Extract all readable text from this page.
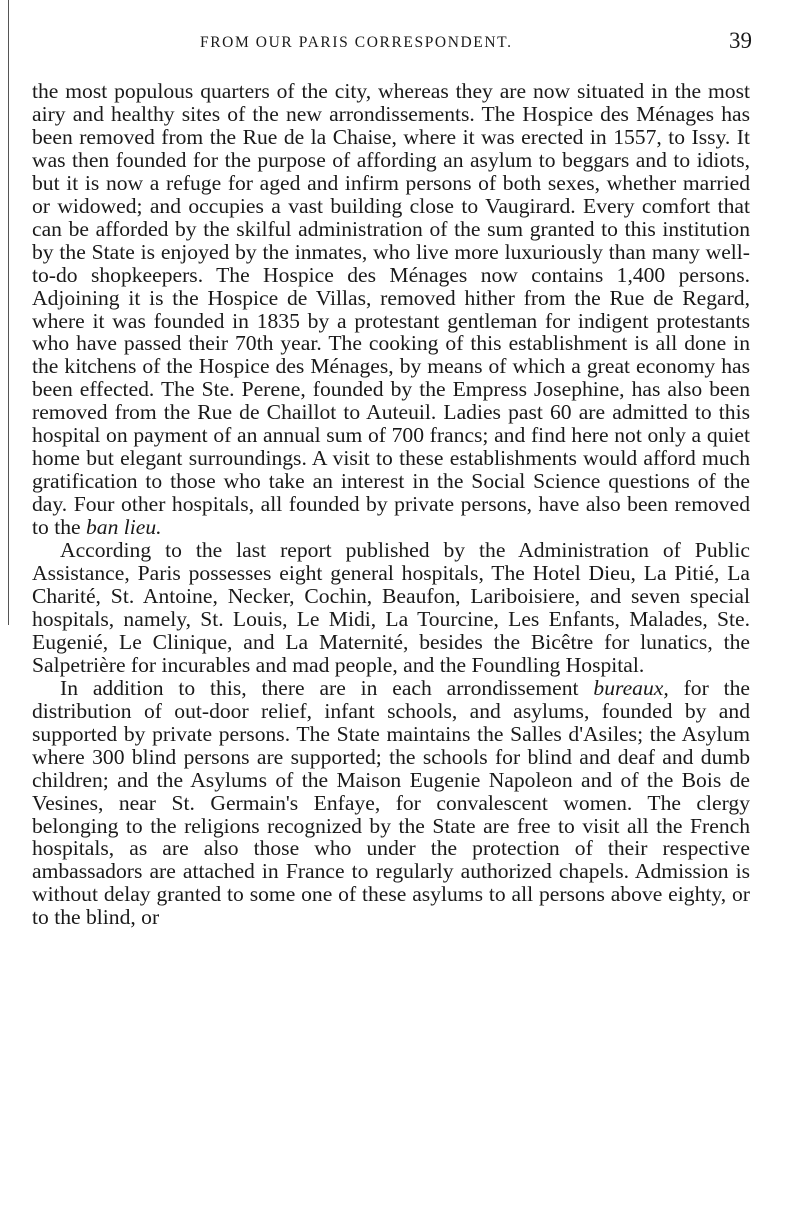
FROM OUR PARIS CORRESPONDENT.	39

the most populous quarters of the city, whereas they are now situated in the most airy and healthy sites of the new arrondissements. The Hospice des Ménages has been removed from the Rue de la Chaise, where it was erected in 1557, to Issy. It was then founded for the purpose of affording an asylum to beggars and to idiots, but it is now a refuge for aged and infirm persons of both sexes, whether married or widowed; and occupies a vast building close to Vaugirard. Every comfort that can be afforded by the skilful administration of the sum granted to this institution by the State is enjoyed by the inmates, who live more luxuriously than many well-to-do shopkeepers. The Hospice des Ménages now contains 1,400 persons. Adjoining it is the Hospice de Villas, removed hither from the Rue de Regard, where it was founded in 1835 by a protestant gentleman for indigent protestants who have passed their 70th year. The cooking of this establishment is all done in the kitchens of the Hospice des Ménages, by means of which a great economy has been effected. The Ste. Perene, founded by the Empress Josephine, has also been removed from the Rue de Chaillot to Auteuil. Ladies past 60 are admitted to this hospital on payment of an annual sum of 700 francs; and find here not only a quiet home but elegant surroundings. A visit to these establishments would afford much gratification to those who take an interest in the Social Science questions of the day. Four other hospitals, all founded by private persons, have also been removed to the ban lieu.

According to the last report published by the Administration of Public Assistance, Paris possesses eight general hospitals, The Hotel Dieu, La Pitié, La Charité, St. Antoine, Necker, Cochin, Beaufon, Lariboisiere, and seven special hospitals, namely, St. Louis, Le Midi, La Tourcine, Les Enfants, Malades, Ste. Eugenié, Le Clinique, and La Maternité, besides the Bicêtre for lunatics, the Salpetrière for incurables and mad people, and the Foundling Hospital.

In addition to this, there are in each arrondissement bureaux, for the distribution of out-door relief, infant schools, and asylums, founded by and supported by private persons. The State maintains the Salles d'Asiles; the Asylum where 300 blind persons are supported; the schools for blind and deaf and dumb children; and the Asylums of the Maison Eugenie Napoleon and of the Bois de Vesines, near St. Germain's Enfaye, for convalescent women. The clergy belonging to the religions recognized by the State are free to visit all the French hospitals, as are also those who under the protection of their respective ambassadors are attached in France to regularly authorized chapels. Admission is without delay granted to some one of these asylums to all persons above eighty, or to the blind, or
